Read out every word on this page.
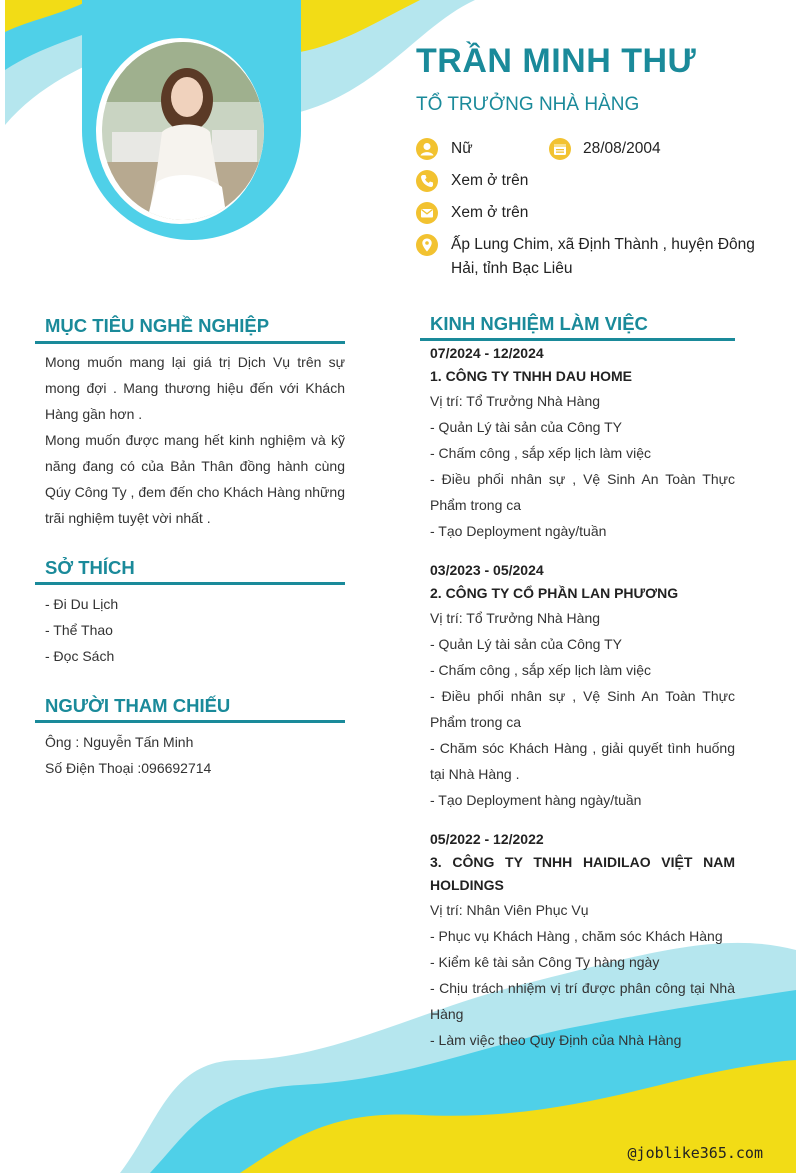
TRẦN MINH THƯ
TỔ TRƯỞNG NHÀ HÀNG
Nữ	28/08/2004
Xem ở trên
Xem ở trên
Ấp Lung Chim, xã Định Thành , huyện Đông Hải, tỉnh Bạc Liêu
MỤC TIÊU NGHỀ NGHIỆP

Mong muốn mang lại giá trị Dịch Vụ trên sự mong đợi . Mang thương hiệu đến với Khách Hàng gần hơn .

Mong muốn được mang hết kinh nghiệm và kỹ năng đang có của Bản Thân đồng hành cùng Qúy Công Ty , đem đến cho Khách Hàng những trãi nghiệm tuyệt vời nhất .

SỞ THÍCH

- Đi Du Lịch

- Thể Thao

- Đọc Sách

NGƯỜI THAM CHIẾU

Ông : Nguyễn Tấn Minh

Số Điện Thoại :096692714

KINH NGHIỆM LÀM VIỆC

07/2024 - 12/2024

1. CÔNG TY TNHH DAU HOME

Vị trí: Tổ Trưởng Nhà Hàng

- Quản Lý tài sản của Công TY

- Chấm công , sắp xếp lịch làm việc

- Điều phối nhân sự , Vệ Sinh An Toàn Thực Phẩm trong ca

- Tạo Deployment ngày/tuần

03/2023 - 05/2024

2. CÔNG TY CỔ PHẦN LAN PHƯƠNG

Vị trí: Tổ Trưởng Nhà Hàng

- Quản Lý tài sản của Công TY

- Chấm công , sắp xếp lịch làm việc

- Điều phối nhân sự , Vệ Sinh An Toàn Thực Phẩm trong ca

- Chăm sóc Khách Hàng , giải quyết tình huống tại Nhà Hàng .

- Tạo Deployment hàng ngày/tuần

05/2022 - 12/2022

3. CÔNG TY TNHH HAIDILAO VIỆT NAM HOLDINGS

Vị trí: Nhân Viên Phục Vụ

- Phục vụ Khách Hàng , chăm sóc Khách Hàng

- Kiểm kê tài sản Công Ty hàng ngày

- Chịu trách nhiệm vị trí được phân công tại Nhà Hàng

- Làm việc theo Quy Định của Nhà Hàng

@joblike365.com
